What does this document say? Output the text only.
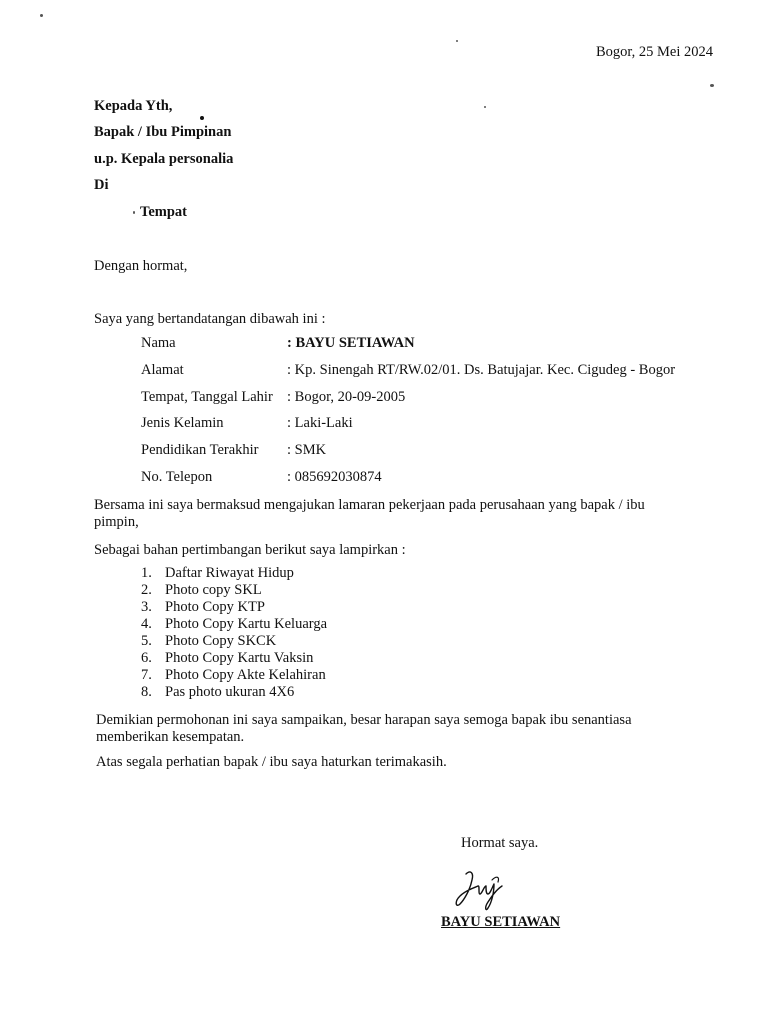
Bogor, 25 Mei 2024
Kepada Yth,
Bapak / Ibu Pimpinan
u.p. Kepala personalia
Di
Tempat
Dengan hormat,
Saya yang bertandatangan dibawah ini :
Nama	: BAYU SETIAWAN
Alamat	: Kp. Sinengah RT/RW.02/01. Ds. Batujajar. Kec. Cigudeg - Bogor
Tempat, Tanggal Lahir : Bogor, 20-09-2005
Jenis Kelamin	: Laki-Laki
Pendidikan Terakhir : SMK
No. Telepon	: 085692030874
Bersama ini saya bermaksud mengajukan lamaran pekerjaan pada perusahaan yang bapak / ibu
pimpin,
Sebagai bahan pertimbangan berikut saya lampirkan :
1. Daftar Riwayat Hidup
2. Photo copy SKL
3. Photo Copy KTP
4. Photo Copy Kartu Keluarga
5. Photo Copy SKCK
6. Photo Copy Kartu Vaksin
7. Photo Copy Akte Kelahiran
8. Pas photo ukuran 4X6
Demikian permohonan ini saya sampaikan, besar harapan saya semoga bapak ibu senantiasa
memberikan kesempatan.
Atas segala perhatian bapak / ibu saya haturkan terimakasih.
Hormat saya.
BAYU SETIAWAN
